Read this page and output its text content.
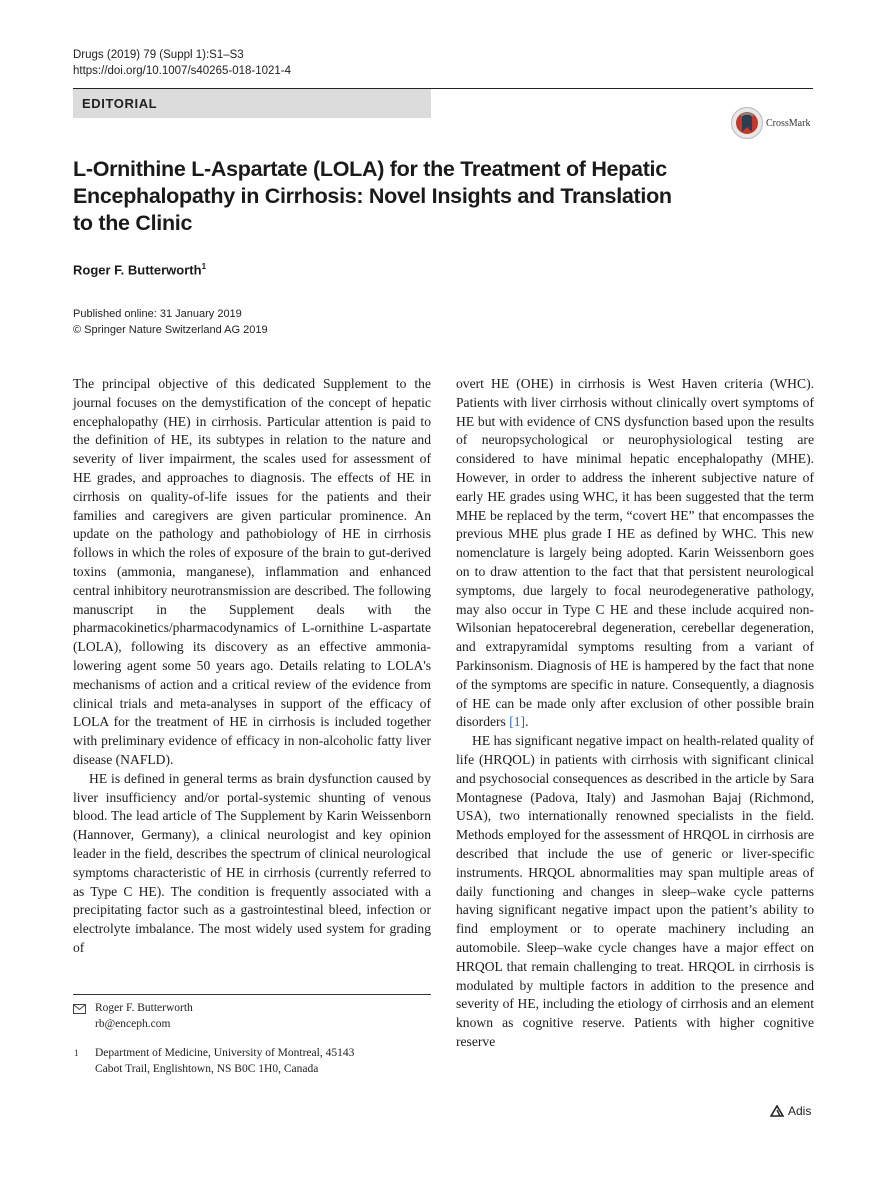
Drugs (2019) 79 (Suppl 1):S1–S3
https://doi.org/10.1007/s40265-018-1021-4
EDITORIAL
CrossMark
L-Ornithine L-Aspartate (LOLA) for the Treatment of Hepatic
Encephalopathy in Cirrhosis: Novel Insights and Translation
to the Clinic
Roger F. Butterworth$^1$
Published online: 31 January 2019
© Springer Nature Switzerland AG 2019

The principal objective of this dedicated Supplement to the journal focuses on the demystification of the concept of hepatic encephalopathy (HE) in cirrhosis. Particular attention is paid to the definition of HE, its subtypes in relation to the nature and severity of liver impairment, the scales used for assessment of HE grades, and approaches to diagnosis. The effects of HE in cirrhosis on quality-of-life issues for the patients and their families and caregivers are given particular prominence. An update on the pathology and pathobiology of HE in cirrhosis follows in which the roles of exposure of the brain to gut-derived toxins (ammonia, manganese), inflammation and enhanced central inhibitory neurotransmission are described. The following manuscript in the Supplement deals with the pharmacokinetics/pharmacodynamics of L-ornithine L-aspartate (LOLA), following its discovery as an effective ammonia-lowering agent some 50 years ago. Details relating to LOLA's mechanisms of action and a critical review of the evidence from clinical trials and meta-analyses in support of the efficacy of LOLA for the treatment of HE in cirrhosis is included together with preliminary evidence of efficacy in non-alcoholic fatty liver disease (NAFLD).

HE is defined in general terms as brain dysfunction caused by liver insufficiency and/or portal-systemic shunting of venous blood. The lead article of The Supplement by Karin Weissenborn (Hannover, Germany), a clinical neurologist and key opinion leader in the field, describes the spectrum of clinical neurological symptoms characteristic of HE in cirrhosis (currently referred to as Type C HE). The condition is frequently associated with a precipitating factor such as a gastrointestinal bleed, infection or electrolyte imbalance. The most widely used system for grading of

overt HE (OHE) in cirrhosis is West Haven criteria (WHC). Patients with liver cirrhosis without clinically overt symptoms of HE but with evidence of CNS dysfunction based upon the results of neuropsychological or neurophysiological testing are considered to have minimal hepatic encephalopathy (MHE). However, in order to address the inherent subjective nature of early HE grades using WHC, it has been suggested that the term MHE be replaced by the term, “covert HE” that encompasses the previous MHE plus grade I HE as defined by WHC. This new nomenclature is largely being adopted. Karin Weissenborn goes on to draw attention to the fact that that persistent neurological symptoms, due largely to focal neurodegenerative pathology, may also occur in Type C HE and these include acquired non-Wilsonian hepatocerebral degeneration, cerebellar degeneration, and extrapyramidal symptoms resulting from a variant of Parkinsonism. Diagnosis of HE is hampered by the fact that none of the symptoms are specific in nature. Consequently, a diagnosis of HE can be made only after exclusion of other possible brain disorders [1].

HE has significant negative impact on health-related quality of life (HRQOL) in patients with cirrhosis with significant clinical and psychosocial consequences as described in the article by Sara Montagnese (Padova, Italy) and Jasmohan Bajaj (Richmond, USA), two internationally renowned specialists in the field. Methods employed for the assessment of HRQOL in cirrhosis are described that include the use of generic or liver-specific instruments. HRQOL abnormalities may span multiple areas of daily functioning and changes in sleep–wake cycle patterns having significant negative impact upon the patient’s ability to find employment or to operate machinery including an automobile. Sleep–wake cycle changes have a major effect on HRQOL that remain challenging to treat. HRQOL in cirrhosis is modulated by multiple factors in addition to the presence and severity of HE, including the etiology of cirrhosis and an element known as cognitive reserve. Patients with higher cognitive reserve

Roger F. Butterworth
rb@enceph.com
1	Department of Medicine, University of Montreal, 45143
Cabot Trail, Englishtown, NS B0C 1H0, Canada
Adis
